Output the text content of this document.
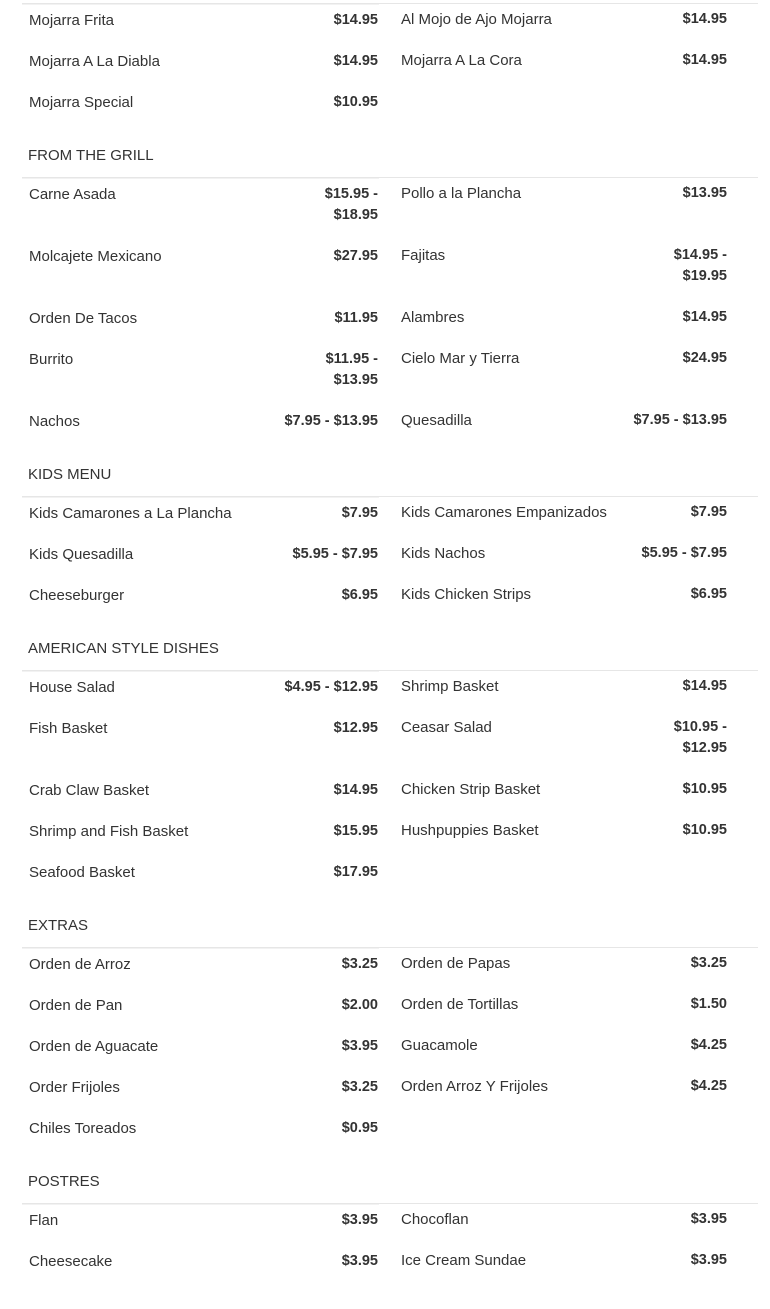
Mojarra Frita	$14.95
Mojarra A La Diabla	$14.95
Mojarra Special	$10.95
Al Mojo de Ajo Mojarra	$14.95
Mojarra A La Cora	$14.95
FROM THE GRILL
Carne Asada	$15.95 - $18.95
Molcajete Mexicano	$27.95
Orden De Tacos	$11.95
Burrito	$11.95 - $13.95
Nachos	$7.95 - $13.95
Pollo a la Plancha	$13.95
Fajitas	$14.95 - $19.95
Alambres	$14.95
Cielo Mar y Tierra	$24.95
Quesadilla	$7.95 - $13.95
KIDS MENU
Kids Camarones a La Plancha	$7.95
Kids Quesadilla	$5.95 - $7.95
Cheeseburger	$6.95
Kids Camarones Empanizados	$7.95
Kids Nachos	$5.95 - $7.95
Kids Chicken Strips	$6.95
AMERICAN STYLE DISHES
House Salad	$4.95 - $12.95
Fish Basket	$12.95
Crab Claw Basket	$14.95
Shrimp and Fish Basket	$15.95
Seafood Basket	$17.95
Shrimp Basket	$14.95
Ceasar Salad	$10.95 - $12.95
Chicken Strip Basket	$10.95
Hushpuppies Basket	$10.95
EXTRAS
Orden de Arroz	$3.25
Orden de Pan	$2.00
Orden de Aguacate	$3.95
Order Frijoles	$3.25
Chiles Toreados	$0.95
Orden de Papas	$3.25
Orden de Tortillas	$1.50
Guacamole	$4.25
Orden Arroz Y Frijoles	$4.25
POSTRES
Flan	$3.95
Cheesecake	$3.95
Chocoflan	$3.95
Ice Cream Sundae	$3.95
